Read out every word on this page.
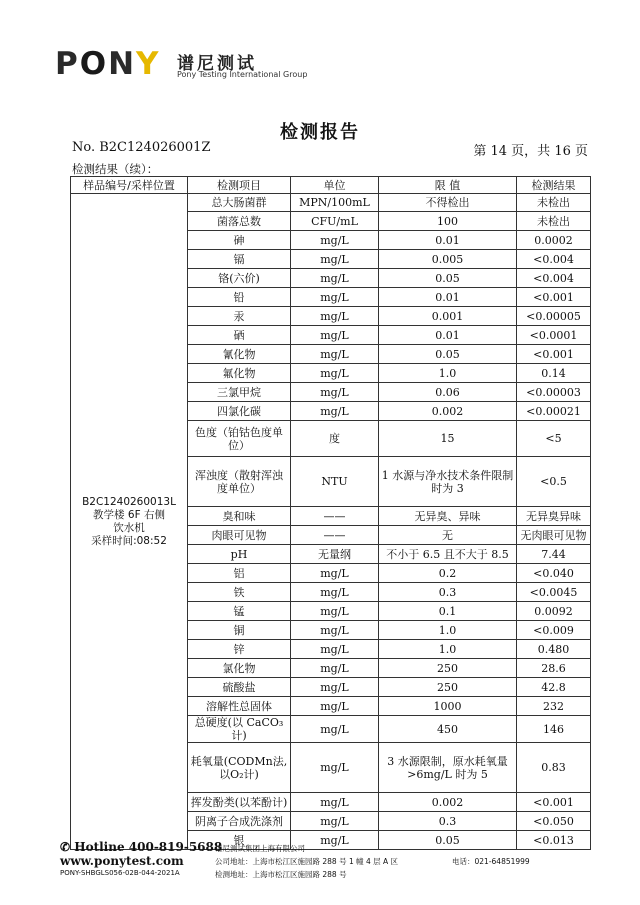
PONY 谱尼测试
Pony Testing International Group
检测报告
No. B2C124026001Z	第 14 页，共 16 页
检测结果（续）：
样品编号/采样位置	检测项目	单位	限 值	检测结果

B2C1240260013L
教学楼 6F 右侧
饮水机
采样时间:08:52	总大肠菌群	MPN/100mL	不得检出	未检出
	菌落总数	CFU/mL	100	未检出
	砷	mg/L	0.01	0.0002
	镉	mg/L	0.005	<0.004
	铬(六价)	mg/L	0.05	<0.004
	铅	mg/L	0.01	<0.001
	汞	mg/L	0.001	<0.00005
	硒	mg/L	0.01	<0.0001
	氰化物	mg/L	0.05	<0.001
	氟化物	mg/L	1.0	0.14
	三氯甲烷	mg/L	0.06	<0.00003
	四氯化碳	mg/L	0.002	<0.00021
	色度（铂钴色度单位）	度	15	<5
	浑浊度（散射浑浊度单位）	NTU	1 水源与净水技术条件限制时为 3	<0.5
	臭和味	——	无异臭、异味	无异臭异味
	肉眼可见物	——	无	无肉眼可见物
	pH	无量纲	不小于 6.5 且不大于 8.5	7.44
	铝	mg/L	0.2	<0.040
	铁	mg/L	0.3	<0.0045
	锰	mg/L	0.1	0.0092
	铜	mg/L	1.0	<0.009
	锌	mg/L	1.0	0.480
	氯化物	mg/L	250	28.6
	硫酸盐	mg/L	250	42.8
	溶解性总固体	mg/L	1000	232
	总硬度(以 CaCO₃计)	mg/L	450	146
	耗氧量(CODMn法,以O₂计)	mg/L	3 水源限制，原水耗氧量>6mg/L 时为 5	0.83
	挥发酚类(以苯酚计)	mg/L	0.002	<0.001
	阴离子合成洗涤剂	mg/L	0.3	<0.050
	银	mg/L	0.05	<0.013
✆ Hotline 400-819-5688
www.ponytest.com
PONY-SHBGLS056-02B-044-2021A
谱尼测试集团上海有限公司
公司地址：上海市松江区施园路 288 号 1 幢 4 层 A 区
检测地址：上海市松江区施园路 288 号
电话：021-64851999
